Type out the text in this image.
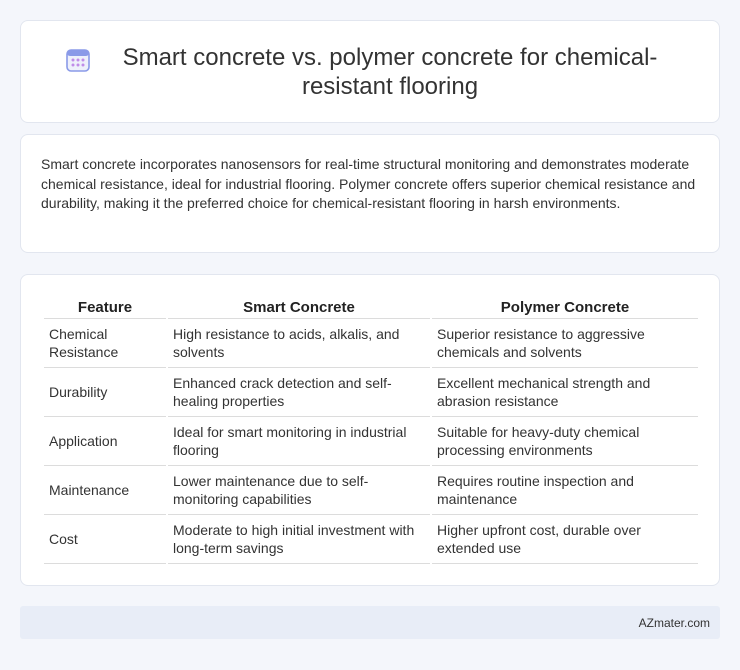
Smart concrete vs. polymer concrete for chemical-resistant flooring

Smart concrete incorporates nanosensors for real-time structural monitoring and demonstrates moderate chemical resistance, ideal for industrial flooring. Polymer concrete offers superior chemical resistance and durability, making it the preferred choice for chemical-resistant flooring in harsh environments.

Feature	Smart Concrete	Polymer Concrete
Chemical Resistance	High resistance to acids, alkalis, and solvents	Superior resistance to aggressive chemicals and solvents
Durability	Enhanced crack detection and self-healing properties	Excellent mechanical strength and abrasion resistance
Application	Ideal for smart monitoring in industrial flooring	Suitable for heavy-duty chemical processing environments
Maintenance	Lower maintenance due to self-monitoring capabilities	Requires routine inspection and maintenance
Cost	Moderate to high initial investment with long-term savings	Higher upfront cost, durable over extended use
AZmater.com
